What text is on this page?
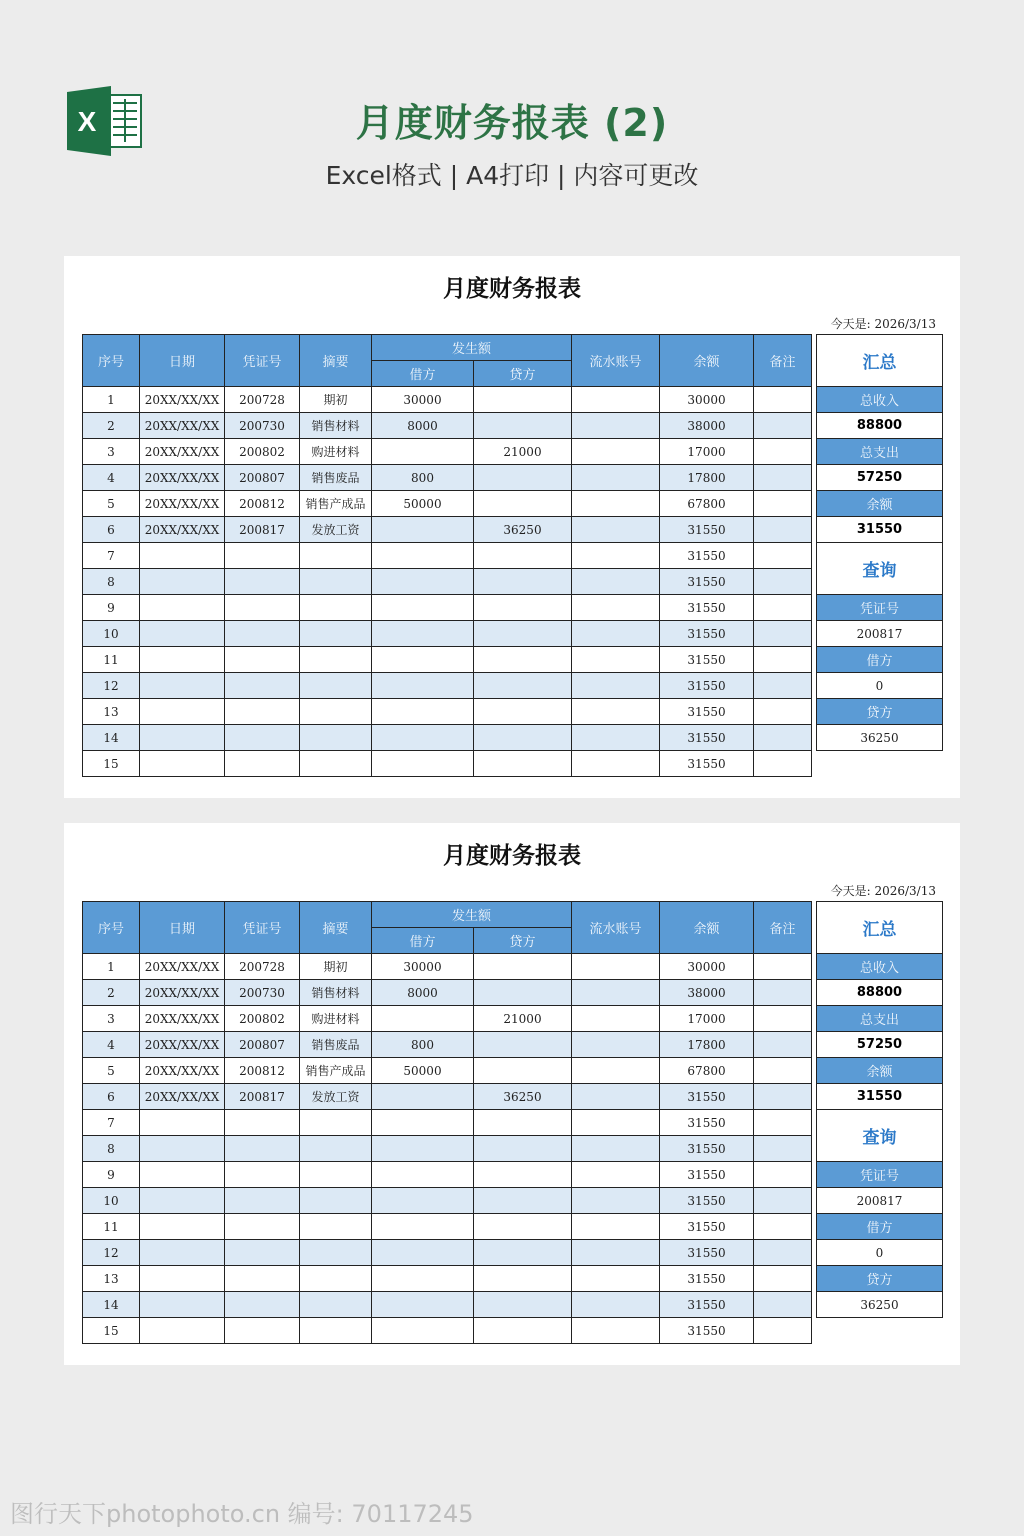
X	月度财务报表 (2)
Excel格式 | A4打印 | 内容可更改
月度财务报表
今天是: 2026/3/13
序号	日期	凭证号	摘要	发生额		流水账号	余额	备注
				借方	贷方			
1	20XX/XX/XX	200728	期初	30000			30000	
2	20XX/XX/XX	200730	销售材料	8000			38000	
3	20XX/XX/XX	200802	购进材料		21000		17000	
4	20XX/XX/XX	200807	销售废品	800			17800	
5	20XX/XX/XX	200812	销售产成品	50000			67800	
6	20XX/XX/XX	200817	发放工资		36250		31550	
7							31550	
8							31550	
9							31550	
10							31550	
11							31550	
12							31550	
13							31550	
14							31550	
15							31550	
汇总
总收入
88800
总支出
57250
余额
31550
查询
凭证号
200817
借方
0
贷方
36250
月度财务报表
今天是: 2026/3/13
序号	日期	凭证号	摘要	发生额		流水账号	余额	备注
				借方	贷方			
1	20XX/XX/XX	200728	期初	30000			30000	
2	20XX/XX/XX	200730	销售材料	8000			38000	
3	20XX/XX/XX	200802	购进材料		21000		17000	
4	20XX/XX/XX	200807	销售废品	800			17800	
5	20XX/XX/XX	200812	销售产成品	50000			67800	
6	20XX/XX/XX	200817	发放工资		36250		31550	
7							31550	
8							31550	
9							31550	
10							31550	
11							31550	
12							31550	
13							31550	
14							31550	
15							31550	
汇总
总收入
88800
总支出
57250
余额
31550
查询
凭证号
200817
借方
0
贷方
36250
图行天下photophoto.cn 编号: 70117245
